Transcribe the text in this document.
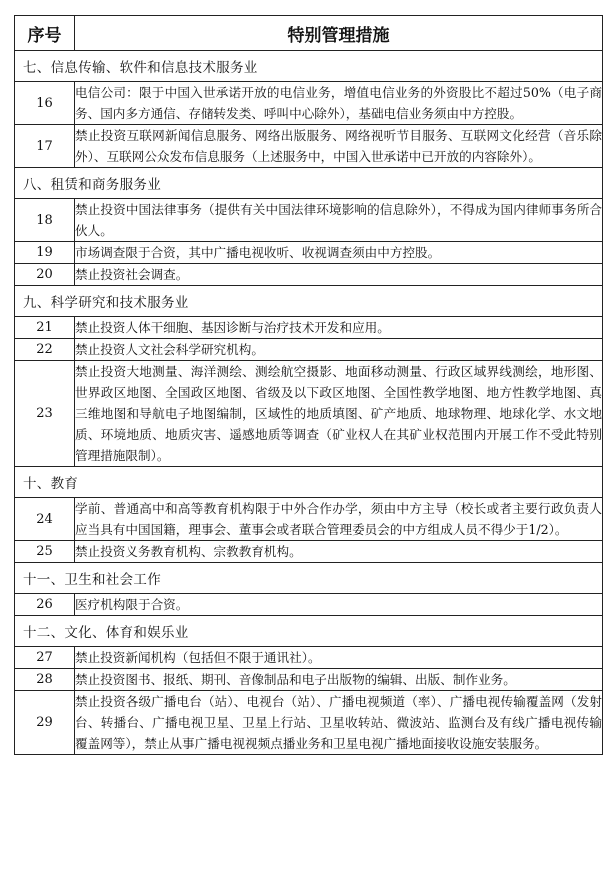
序号	特别管理措施
七、信息传输、软件和信息技术服务业	
16	电信公司：限于中国入世承诺开放的电信业务，增值电信业务的外资股比不超过50%（电子商务、国内多方通信、存储转发类、呼叫中心除外），基础电信业务须由中方控股。
17	禁止投资互联网新闻信息服务、网络出版服务、网络视听节目服务、互联网文化经营（音乐除外）、互联网公众发布信息服务（上述服务中，中国入世承诺中已开放的内容除外）。
八、租赁和商务服务业	
18	禁止投资中国法律事务（提供有关中国法律环境影响的信息除外），不得成为国内律师事务所合伙人。
19	市场调查限于合资，其中广播电视收听、收视调查须由中方控股。
20	禁止投资社会调查。
九、科学研究和技术服务业	
21	禁止投资人体干细胞、基因诊断与治疗技术开发和应用。
22	禁止投资人文社会科学研究机构。
23	禁止投资大地测量、海洋测绘、测绘航空摄影、地面移动测量、行政区域界线测绘，地形图、世界政区地图、全国政区地图、省级及以下政区地图、全国性教学地图、地方性教学地图、真三维地图和导航电子地图编制，区域性的地质填图、矿产地质、地球物理、地球化学、水文地质、环境地质、地质灾害、遥感地质等调查（矿业权人在其矿业权范围内开展工作不受此特别管理措施限制）。
十、教育	
24	学前、普通高中和高等教育机构限于中外合作办学，须由中方主导（校长或者主要行政负责人应当具有中国国籍，理事会、董事会或者联合管理委员会的中方组成人员不得少于1/2）。
25	禁止投资义务教育机构、宗教教育机构。
十一、卫生和社会工作	
26	医疗机构限于合资。
十二、文化、体育和娱乐业	
27	禁止投资新闻机构（包括但不限于通讯社）。
28	禁止投资图书、报纸、期刊、音像制品和电子出版物的编辑、出版、制作业务。
29	禁止投资各级广播电台（站）、电视台（站）、广播电视频道（率）、广播电视传输覆盖网（发射台、转播台、广播电视卫星、卫星上行站、卫星收转站、微波站、监测台及有线广播电视传输覆盖网等），禁止从事广播电视视频点播业务和卫星电视广播地面接收设施安装服务。
